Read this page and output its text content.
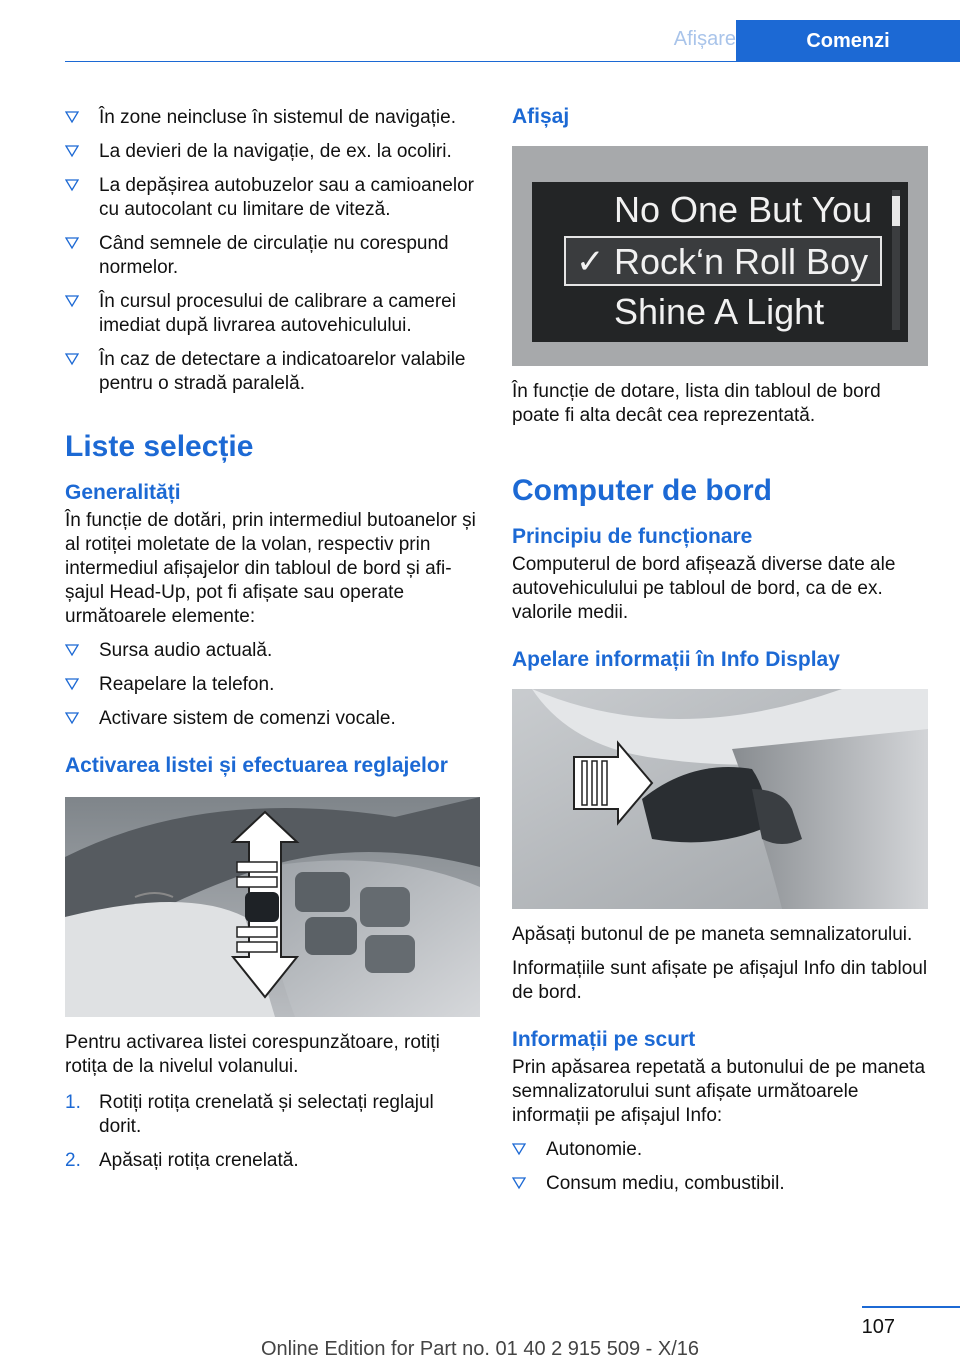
Afișare	Comenzi
În zone neincluse în sistemul de navigație.
La devieri de la navigație, de ex. la ocoliri.
La depășirea autobuzelor sau a camioanelor cu autocolant cu limitare de viteză.
Când semnele de circulație nu corespund normelor.
În cursul procesului de calibrare a camerei imediat după livrarea autovehiculului.
În caz de detectare a indicatoarelor valabile pentru o stradă paralelă.
Liste selecție
Generalități

În funcție de dotări, prin intermediul butoanelor și al rotiței moletate de la volan, respectiv prin intermediul afișajelor din tabloul de bord și afișajul Head-Up, pot fi afișate sau operate următoarele elemente:

Sursa audio actuală.
Reapelare la telefon.
Activare sistem de comenzi vocale.
Activarea listei și efectuarea reglajelor

Pentru activarea listei corespunzătoare, rotiți rotița de la nivelul volanului.

1. Rotiți rotița crenelată și selectați reglajul dorit.
2. Apăsați rotița crenelată.
Afișaj
No One But You
✓ Rock‘n Roll Boy
Shine A Light

În funcție de dotare, lista din tabloul de bord poate fi alta decât cea reprezentată.

Computer de bord
Principiu de funcționare

Computerul de bord afișează diverse date ale autovehiculului pe tabloul de bord, ca de ex. valorile medii.

Apelare informații în Info Display

Apăsați butonul de pe maneta semnalizatorului.

Informațiile sunt afișate pe afișajul Info din tabloul de bord.

Informații pe scurt

Prin apăsarea repetată a butonului de pe maneta semnalizatorului sunt afișate următoarele informații pe afișajul Info:

Autonomie.
Consum mediu, combustibil.
107
Online Edition for Part no. 01 40 2 915 509 - X/16
